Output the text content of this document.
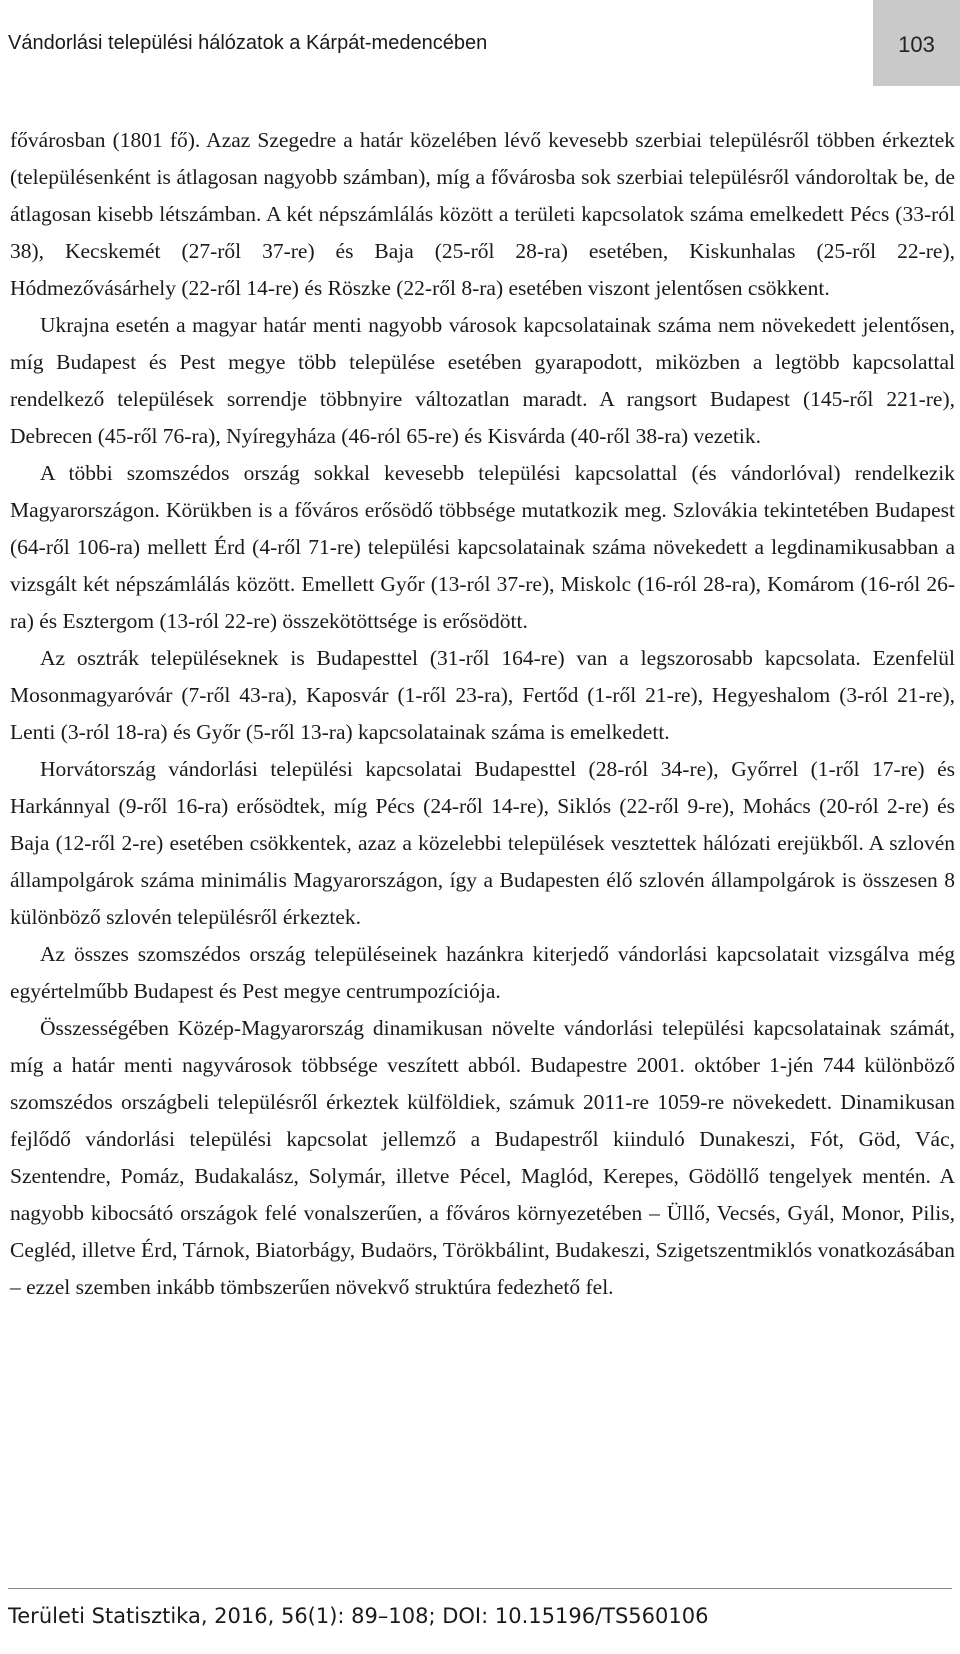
Vándorlási települési hálózatok a Kárpát-medencében	103

fővárosban (1801 fő). Azaz Szegedre a határ közelében lévő kevesebb szerbiai településről többen érkeztek (településenként is átlagosan nagyobb számban), míg a fővárosba sok szerbiai településről vándoroltak be, de átlagosan kisebb létszámban. A két népszámlálás között a területi kapcsolatok száma emelkedett Pécs (33-ról 38), Kecskemét (27-ről 37-re) és Baja (25-ről 28-ra) esetében, Kiskunhalas (25-ről 22-re), Hódmezővásárhely (22-ről 14-re) és Röszke (22-ről 8-ra) esetében viszont jelentősen csökkent.

Ukrajna esetén a magyar határ menti nagyobb városok kapcsolatainak száma nem növekedett jelentősen, míg Budapest és Pest megye több települése esetében gyarapodott, miközben a legtöbb kapcsolattal rendelkező települések sorrendje többnyire változatlan maradt. A rangsort Budapest (145-ről 221-re), Debrecen (45-ről 76-ra), Nyíregyháza (46-ról 65-re) és Kisvárda (40-ről 38-ra) vezetik.

A többi szomszédos ország sokkal kevesebb települési kapcsolattal (és vándorlóval) rendelkezik Magyarországon. Körükben is a főváros erősödő többsége mutatkozik meg. Szlovákia tekintetében Budapest (64-ről 106-ra) mellett Érd (4-ről 71-re) települési kapcsolatainak száma növekedett a legdinamikusabban a vizsgált két népszámlálás között. Emellett Győr (13-ról 37-re), Miskolc (16-ról 28-ra), Komárom (16-ról 26-ra) és Esztergom (13-ról 22-re) összekötöttsége is erősödött.

Az osztrák településeknek is Budapesttel (31-ről 164-re) van a legszorosabb kapcsolata. Ezenfelül Mosonmagyaróvár (7-ről 43-ra), Kaposvár (1-ről 23-ra), Fertőd (1-ről 21-re), Hegyeshalom (3-ról 21-re), Lenti (3-ról 18-ra) és Győr (5-ről 13-ra) kapcsolatainak száma is emelkedett.

Horvátország vándorlási települési kapcsolatai Budapesttel (28-ról 34-re), Győrrel (1-ről 17-re) és Harkánnyal (9-ről 16-ra) erősödtek, míg Pécs (24-ről 14-re), Siklós (22-ről 9-re), Mohács (20-ról 2-re) és Baja (12-ről 2-re) esetében csökkentek, azaz a közelebbi települések vesztettek hálózati erejükből. A szlovén állampolgárok száma minimális Magyarországon, így a Budapesten élő szlovén állampolgárok is összesen 8 különböző szlovén településről érkeztek.

Az összes szomszédos ország településeinek hazánkra kiterjedő vándorlási kapcsolatait vizsgálva még egyértelműbb Budapest és Pest megye centrumpozíciója.

Összességében Közép-Magyarország dinamikusan növelte vándorlási települési kapcsolatainak számát, míg a határ menti nagyvárosok többsége veszített abból. Budapestre 2001. október 1-jén 744 különböző szomszédos országbeli településről érkeztek külföldiek, számuk 2011-re 1059-re növekedett. Dinamikusan fejlődő vándorlási települési kapcsolat jellemző a Budapestről kiinduló Dunakeszi, Fót, Göd, Vác, Szentendre, Pomáz, Budakalász, Solymár, illetve Pécel, Maglód, Kerepes, Gödöllő tengelyek mentén. A nagyobb kibocsátó országok felé vonalszerűen, a főváros környezetében – Üllő, Vecsés, Gyál, Monor, Pilis, Cegléd, illetve Érd, Tárnok, Biatorbágy, Budaörs, Törökbálint, Budakeszi, Szigetszentmiklós vonatkozásában – ezzel szemben inkább tömbszerűen növekvő struktúra fedezhető fel.

Területi Statisztika, 2016, 56(1): 89–108; DOI: 10.15196/TS560106
